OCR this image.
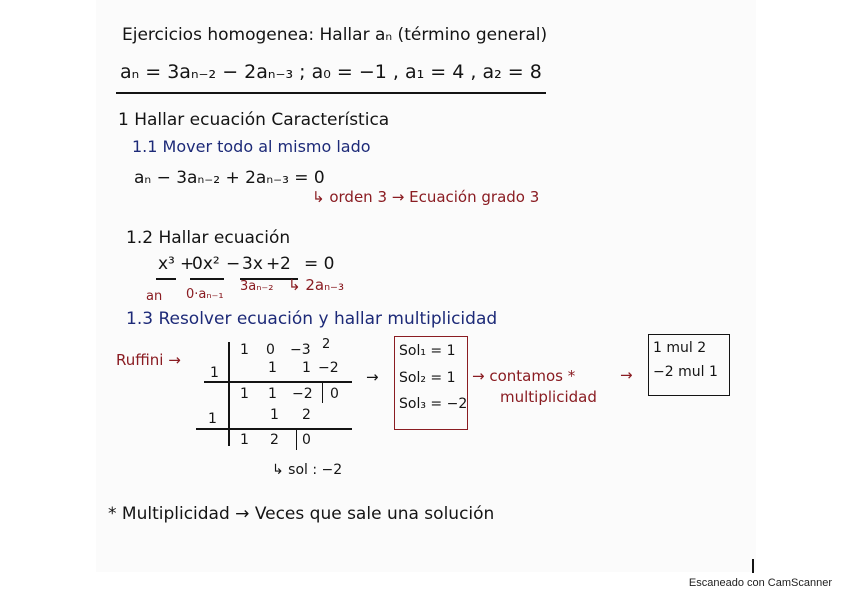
Ejercicios homogenea: Hallar aₙ (término general)
aₙ = 3aₙ₋₂ − 2aₙ₋₃ ; a₀ = −1 , a₁ = 4 , a₂ = 8
1 Hallar ecuación Característica
1.1 Mover todo al mismo lado
aₙ − 3aₙ₋₂ + 2aₙ₋₃ = 0
↳ orden 3 → Ecuación grado 3
1.2 Hallar ecuación
x³ +
0x² − 3x + 2 = 0
an 0·aₙ₋₁
3aₙ₋₂ ↳ 2aₙ₋₃
1.3 Resolver ecuación y hallar multiplicidad
Ruffini →
1 0 −3 2
1	1 1 −2
1 1 −2 0
1	1 2
1 2 0
↳ sol : −2
→
Sol₁ = 1
Sol₂ = 1
Sol₃ = −2
→ contamos *
multiplicidad
→
1 mul 2
−2 mul 1
* Multiplicidad → Veces que sale una solución
Escaneado con CamScanner
